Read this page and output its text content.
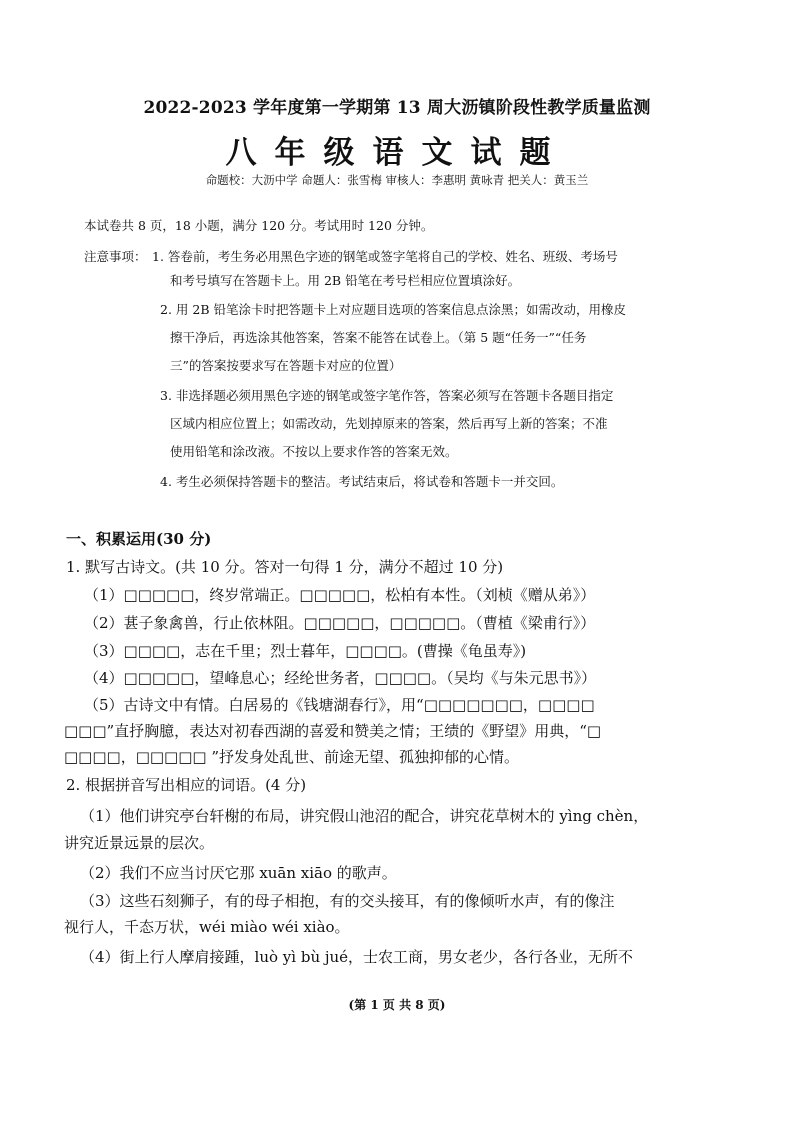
2022-2023 学年度第一学期第 13 周大沥镇阶段性教学质量监测
八年级语文试题
命题校：大沥中学 命题人：张雪梅 审核人：李惠明 黄咏青 把关人：黄玉兰
本试卷共 8 页，18 小题，满分 120 分。考试用时 120 分钟。
注意事项： 1. 答卷前，考生务必用黑色字迹的钢笔或签字笔将自己的学校、姓名、班级、考场号
和考号填写在答题卡上。用 2B 铅笔在考号栏相应位置填涂好。
2. 用 2B 铅笔涂卡时把答题卡上对应题目选项的答案信息点涂黑；如需改动，用橡皮
擦干净后，再选涂其他答案，答案不能答在试卷上。（第 5 题“任务一”“任务
三”的答案按要求写在答题卡对应的位置）
3. 非选择题必须用黑色字迹的钢笔或签字笔作答，答案必须写在答题卡各题目指定
区域内相应位置上；如需改动，先划掉原来的答案，然后再写上新的答案；不准
使用铅笔和涂改液。不按以上要求作答的答案无效。
4. 考生必须保持答题卡的整洁。考试结束后，将试卷和答题卡一并交回。
一、积累运用(30 分)
1. 默写古诗文。(共 10 分。答对一句得 1 分，满分不超过 10 分)
（1）□□□□□，终岁常端正。□□□□□，松柏有本性。（刘桢《赠从弟》）
（2）葚子象禽兽，行止依林阻。□□□□□，□□□□□。（曹植《梁甫行》）
（3）□□□□，志在千里；烈士暮年，□□□□。(曹操《龟虽寿》)
（4）□□□□□，望峰息心；经纶世务者，□□□□。（吴均《与朱元思书》）
（5）古诗文中有情。白居易的《钱塘湖春行》，用“□□□□□□□，□□□□
□□□”直抒胸臆，表达对初春西湖的喜爱和赞美之情；王绩的《野望》用典，“□
□□□□，□□□□□ ”抒发身处乱世、前途无望、孤独抑郁的心情。
2. 根据拼音写出相应的词语。(4 分)
（1）他们讲究亭台轩榭的布局，讲究假山池沼的配合，讲究花草树木的 yìng chèn，
讲究近景远景的层次。
（2）我们不应当讨厌它那 xuān xiāo 的歌声。
（3）这些石刻狮子，有的母子相抱，有的交头接耳，有的像倾听水声，有的像注
视行人，千态万状，wéi miào wéi xiào。
（4）街上行人摩肩接踵，luò yì bù jué，士农工商，男女老少，各行各业，无所不
(第 1 页 共 8 页)
